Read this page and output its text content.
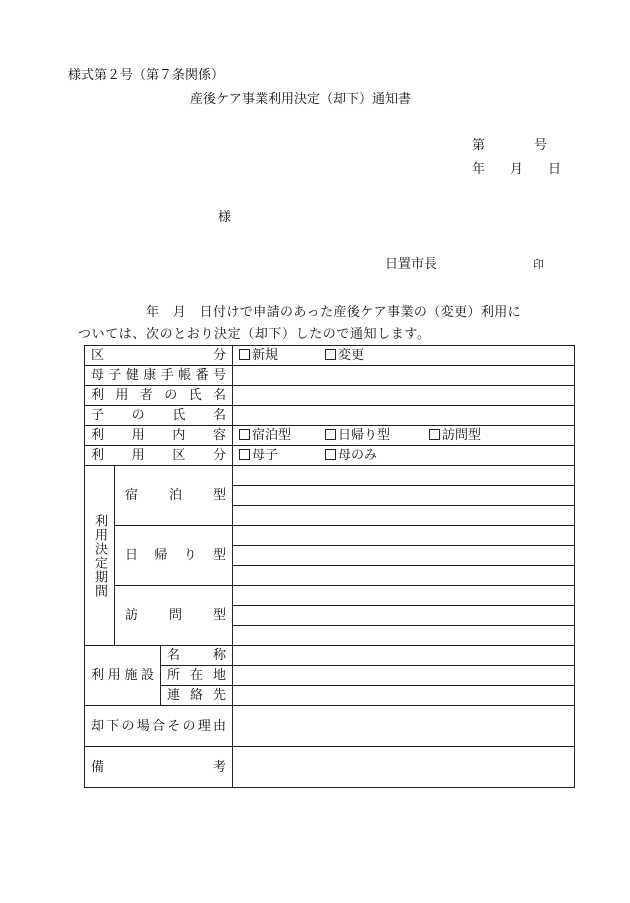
様式第２号（第７条関係）
産後ケア事業利用決定（却下）通知書
第	号
年　月　日
様
日置市長	印
年　月　日付けで申請のあった産後ケア事業の（変更）利用に
ついては、次のとおり決定（却下）したので通知します。
区分			新規 変更
母子健康手帳番号			
利用者の氏名			
子の氏名			
利用内容			宿泊型 日帰り型 訪問型
利用区分			母子 母のみ
利用決定期間	宿泊型		

	日帰り型		

	訪問型		

利用施設		名称	
		所在地	
		連絡先	
却下の場合その理由			
備考			
